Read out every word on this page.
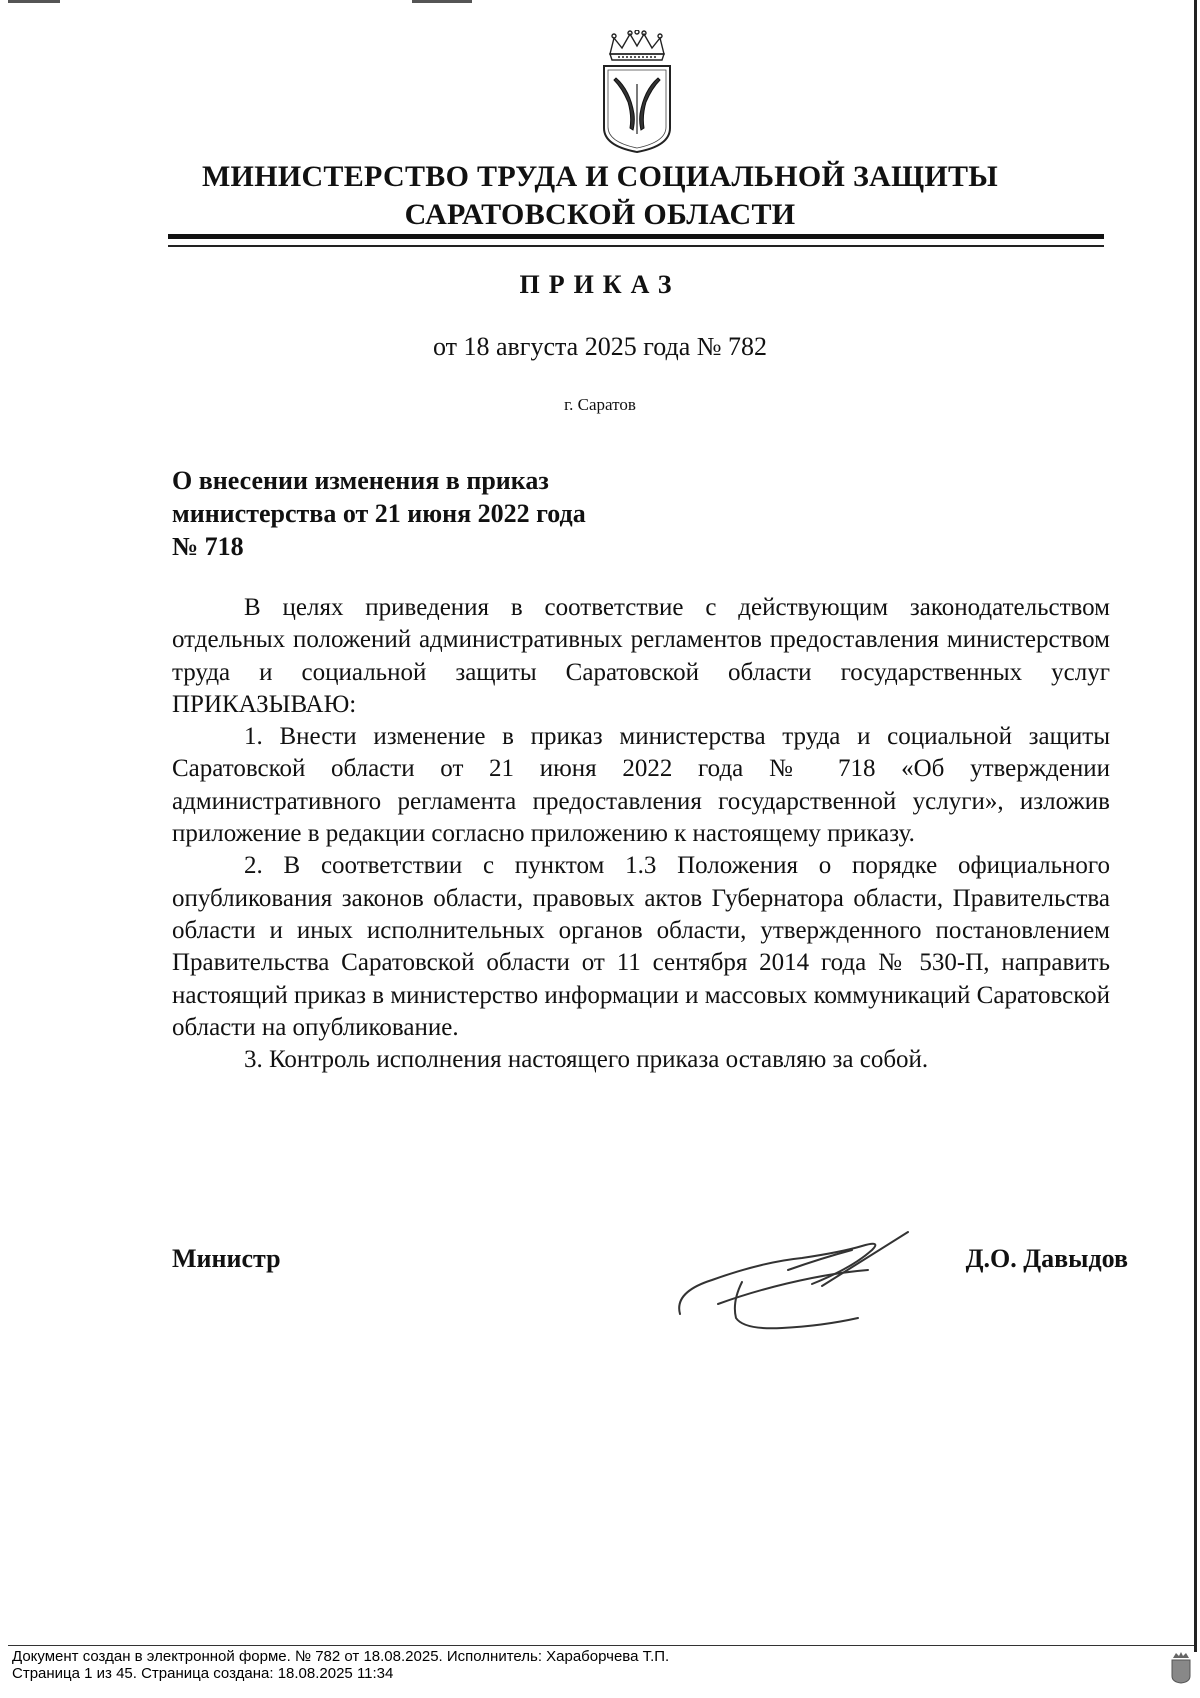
МИНИСТЕРСТВО ТРУДА И СОЦИАЛЬНОЙ ЗАЩИТЫ
САРАТОВСКОЙ ОБЛАСТИ
ПРИКАЗ
от 18 августа 2025 года № 782
г. Саратов
О внесении изменения в приказ
министерства от 21 июня 2022 года
№ 718

В целях приведения в соответствие с действующим законодательством отдельных положений административных регламентов предоставления министерством труда и социальной защиты Саратовской области государственных услуг ПРИКАЗЫВАЮ:

1. Внести изменение в приказ министерства труда и социальной защиты Саратовской области от 21 июня 2022 года № 718 «Об утверждении административного регламента предоставления государственной услуги», изложив приложение в редакции согласно приложению к настоящему приказу.

2. В соответствии с пунктом 1.3 Положения о порядке официального опубликования законов области, правовых актов Губернатора области, Правительства области и иных исполнительных органов области, утвержденного постановлением Правительства Саратовской области от 11 сентября 2014 года № 530-П, направить настоящий приказ в министерство информации и массовых коммуникаций Саратовской области на опубликование.

3. Контроль исполнения настоящего приказа оставляю за собой.

Министр	Д.О. Давыдов
Документ создан в электронной форме. № 782 от 18.08.2025. Исполнитель: Хараборчева Т.П.
Страница 1 из 45. Страница создана: 18.08.2025 11:34
